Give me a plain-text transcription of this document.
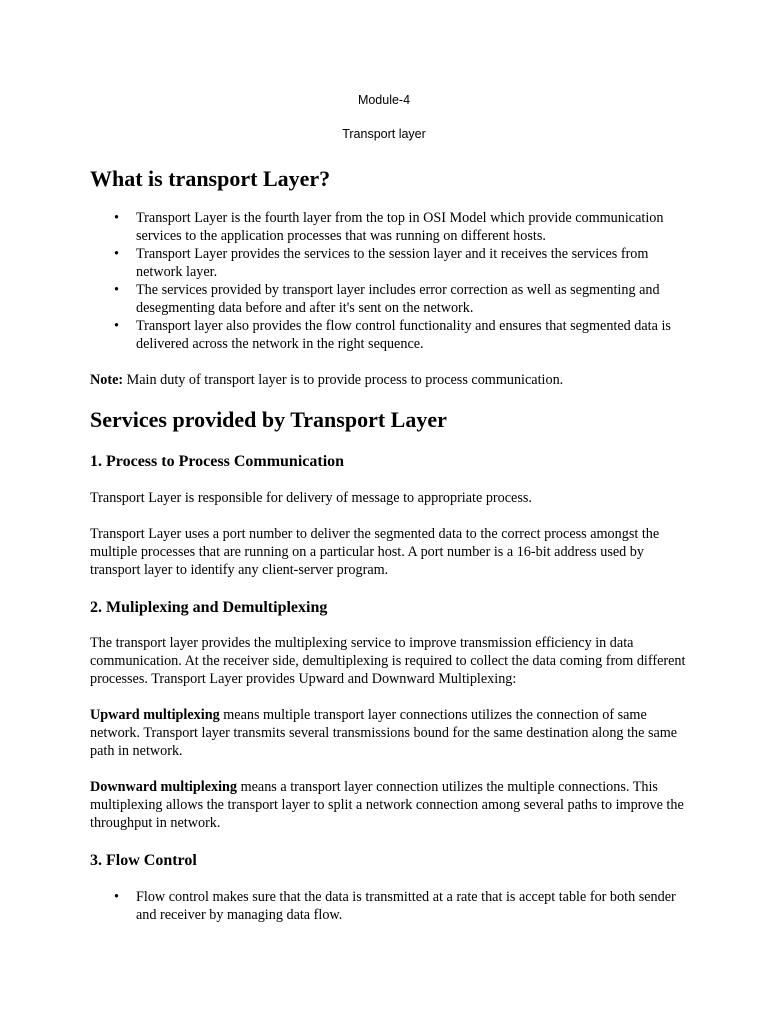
Module-4
Transport layer
What is transport Layer?
• Transport Layer is the fourth layer from the top in OSI Model which provide communication services to the application processes that was running on different hosts.
• Transport Layer provides the services to the session layer and it receives the services from network layer.
• The services provided by transport layer includes error correction as well as segmenting and desegmenting data before and after it's sent on the network.
• Transport layer also provides the flow control functionality and ensures that segmented data is delivered across the network in the right sequence.

Note: Main duty of transport layer is to provide process to process communication.

Services provided by Transport Layer
1. Process to Process Communication

Transport Layer is responsible for delivery of message to appropriate process.

Transport Layer uses a port number to deliver the segmented data to the correct process amongst the multiple processes that are running on a particular host. A port number is a 16-bit address used by transport layer to identify any client-server program.

2. Muliplexing and Demultiplexing

The transport layer provides the multiplexing service to improve transmission efficiency in data communication. At the receiver side, demultiplexing is required to collect the data coming from different processes. Transport Layer provides Upward and Downward Multiplexing:

Upward multiplexing means multiple transport layer connections utilizes the connection of same network. Transport layer transmits several transmissions bound for the same destination along the same path in network.

Downward multiplexing means a transport layer connection utilizes the multiple connections. This multiplexing allows the transport layer to split a network connection among several paths to improve the throughput in network.

3. Flow Control
• Flow control makes sure that the data is transmitted at a rate that is accept table for both sender and receiver by managing data flow.
